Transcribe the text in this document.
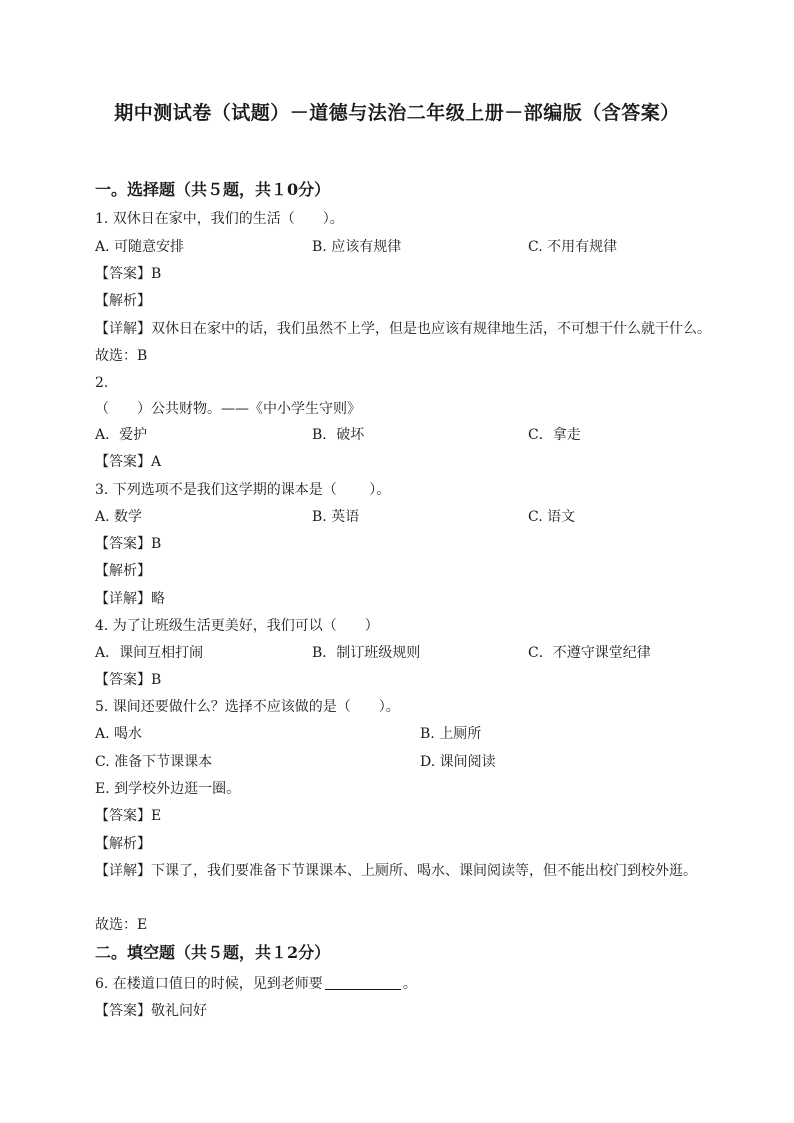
期中测试卷（试题）－道德与法治二年级上册－部编版（含答案）
一。选择题（共５题，共１0分）
1. 双休日在家中，我们的生活（　　）。
A. 可随意安排	B. 应该有规律	C. 不用有规律
【答案】B
【解析】
【详解】双休日在家中的话，我们虽然不上学，但是也应该有规律地生活，不可想干什么就干什么。
故选：B
2.
（　　）公共财物。——《中小学生守则》
A．爱护	B．破坏	C．拿走
【答案】A
3. 下列选项不是我们这学期的课本是（　　 ）。
A. 数学	B. 英语	C. 语文
【答案】B
【解析】
【详解】略
4. 为了让班级生活更美好，我们可以（　　）
A．课间互相打闹	B．制订班级规则	C．不遵守课堂纪律
【答案】B
5. 课间还要做什么？选择不应该做的是（　　）。
A. 喝水	B. 上厕所
C. 准备下节课课本	D. 课间阅读
E. 到学校外边逛一圈。
【答案】E
【解析】
【详解】下课了，我们要准备下节课课本、上厕所、喝水、课间阅读等，但不能出校门到校外逛。
故选：E
二。填空题（共５题，共１2分）
6. 在楼道口值日的时候，见到老师要	。
【答案】敬礼问好
